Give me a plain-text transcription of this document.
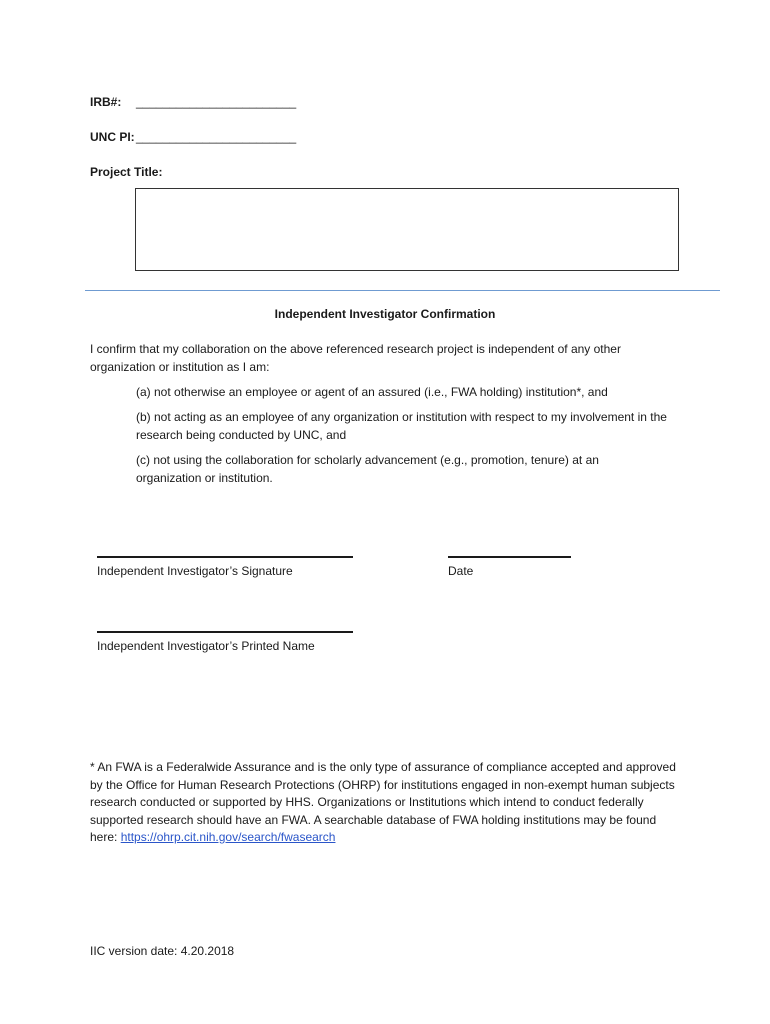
IRB#: ________________________
UNC PI: ________________________
Project Title:
Independent Investigator Confirmation
I confirm that my collaboration on the above referenced research project is independent of any other organization or institution as I am:
(a) not otherwise an employee or agent of an assured (i.e., FWA holding) institution*, and
(b) not acting as an employee of any organization or institution with respect to my involvement in the research being conducted by UNC, and
(c) not using the collaboration for scholarly advancement (e.g., promotion, tenure) at an organization or institution.
Independent Investigator’s Signature	Date
Independent Investigator’s Printed Name
* An FWA is a Federalwide Assurance and is the only type of assurance of compliance accepted and approved by the Office for Human Research Protections (OHRP) for institutions engaged in non-exempt human subjects research conducted or supported by HHS. Organizations or Institutions which intend to conduct federally supported research should have an FWA. A searchable database of FWA holding institutions may be found here: https://ohrp.cit.nih.gov/search/fwasearch
IIC version date: 4.20.2018
